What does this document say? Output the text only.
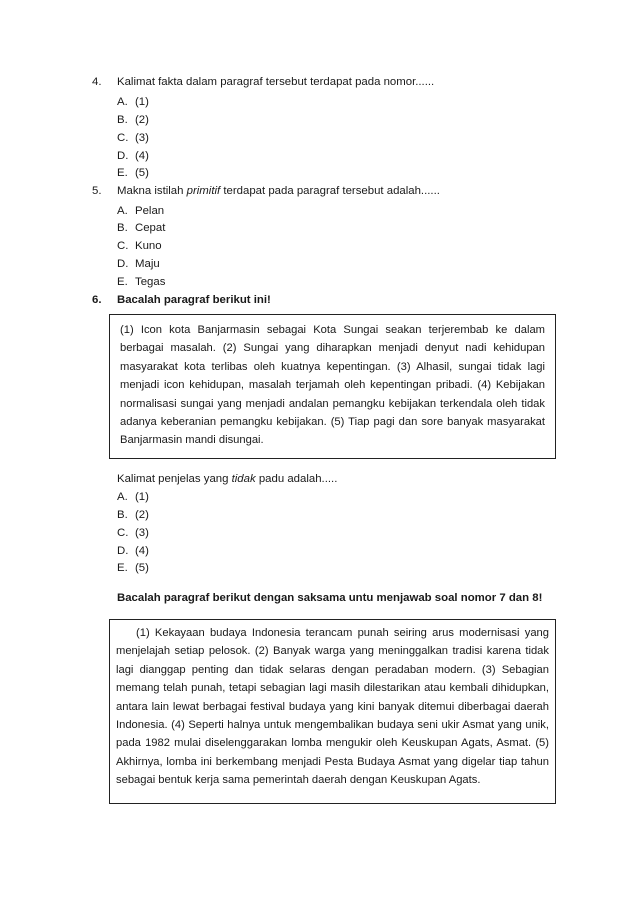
4. Kalimat fakta dalam paragraf tersebut terdapat pada nomor......
A. (1)
B. (2)
C. (3)
D. (4)
E. (5)
5. Makna istilah primitif terdapat pada paragraf tersebut adalah......
A. Pelan
B. Cepat
C. Kuno
D. Maju
E. Tegas
6. Bacalah paragraf berikut ini!
(1) Icon kota Banjarmasin sebagai Kota Sungai seakan terjerembab ke dalam berbagai masalah. (2) Sungai yang diharapkan menjadi denyut nadi kehidupan masyarakat kota terlibas oleh kuatnya kepentingan. (3) Alhasil, sungai tidak lagi menjadi icon kehidupan, masalah terjamah oleh kepentingan pribadi. (4) Kebijakan normalisasi sungai yang menjadi andalan pemangku kebijakan terkendala oleh tidak adanya keberanian pemangku kebijakan. (5) Tiap pagi dan sore banyak masyarakat Banjarmasin mandi disungai.
Kalimat penjelas yang tidak padu adalah.....
A. (1)
B. (2)
C. (3)
D. (4)
E. (5)
Bacalah paragraf berikut dengan saksama untu menjawab soal nomor 7 dan 8!
(1) Kekayaan budaya Indonesia terancam punah seiring arus modernisasi yang menjelajah setiap pelosok. (2) Banyak warga yang meninggalkan tradisi karena tidak lagi dianggap penting dan tidak selaras dengan peradaban modern. (3) Sebagian memang telah punah, tetapi sebagian lagi masih dilestarikan atau kembali dihidupkan, antara lain lewat berbagai festival budaya yang kini banyak ditemui diberbagai daerah Indonesia. (4) Seperti halnya untuk mengembalikan budaya seni ukir Asmat yang unik, pada 1982 mulai diselenggarakan lomba mengukir oleh Keuskupan Agats, Asmat. (5) Akhirnya, lomba ini berkembang menjadi Pesta Budaya Asmat yang digelar tiap tahun sebagai bentuk kerja sama pemerintah daerah dengan Keuskupan Agats.
